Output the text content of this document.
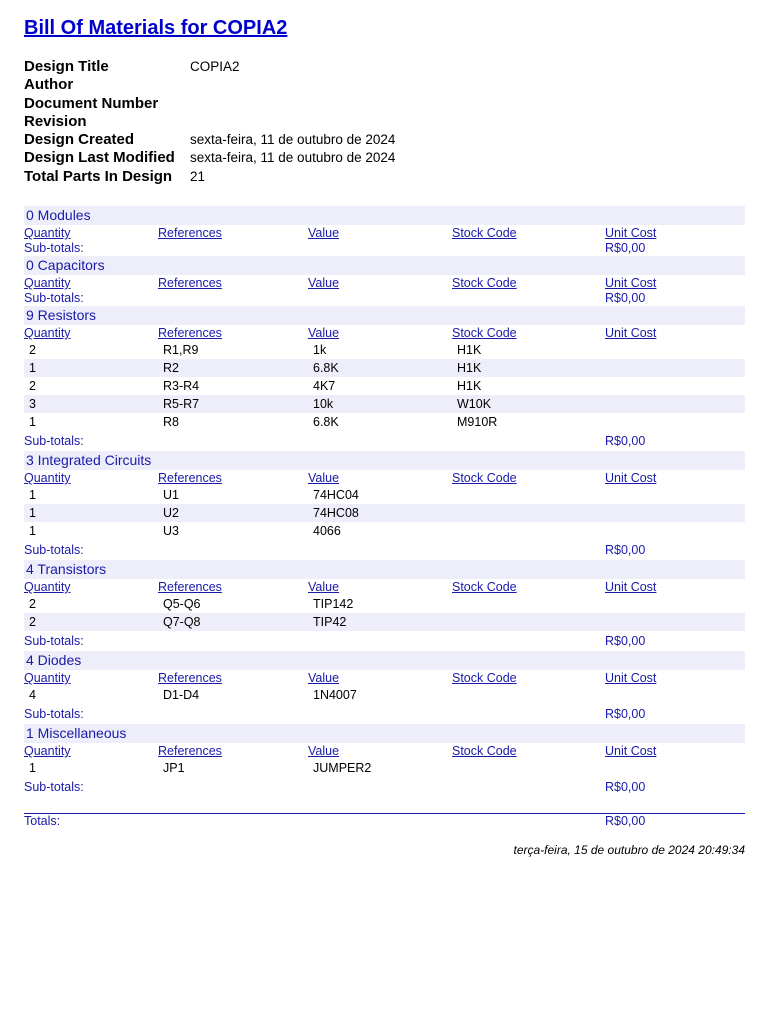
Bill Of Materials for COPIA2
Design Title	COPIA2
Author
Document Number
Revision
Design Created	sexta-feira, 11 de outubro de 2024
Design Last Modified	sexta-feira, 11 de outubro de 2024
Total Parts In Design	21
0 Modules
Quantity	References	Value	Stock Code	Unit Cost
Sub-totals:	R$0,00
0 Capacitors
Quantity	References	Value	Stock Code	Unit Cost
Sub-totals:	R$0,00
9 Resistors
Quantity	References	Value	Stock Code	Unit Cost
2	R1,R9	1k	H1K
1	R2	6.8K	H1K
2	R3-R4	4K7	H1K
3	R5-R7	10k	W10K
1	R8	6.8K	M910R
Sub-totals:	R$0,00
3 Integrated Circuits
Quantity	References	Value	Stock Code	Unit Cost
1	U1	74HC04
1	U2	74HC08
1	U3	4066
Sub-totals:	R$0,00
4 Transistors
Quantity	References	Value	Stock Code	Unit Cost
2	Q5-Q6	TIP142
2	Q7-Q8	TIP42
Sub-totals:	R$0,00
4 Diodes
Quantity	References	Value	Stock Code	Unit Cost
4	D1-D4	1N4007
Sub-totals:	R$0,00
1 Miscellaneous
Quantity	References	Value	Stock Code	Unit Cost
1	JP1	JUMPER2
Sub-totals:	R$0,00
Totals:	R$0,00
terça-feira, 15 de outubro de 2024 20:49:34
